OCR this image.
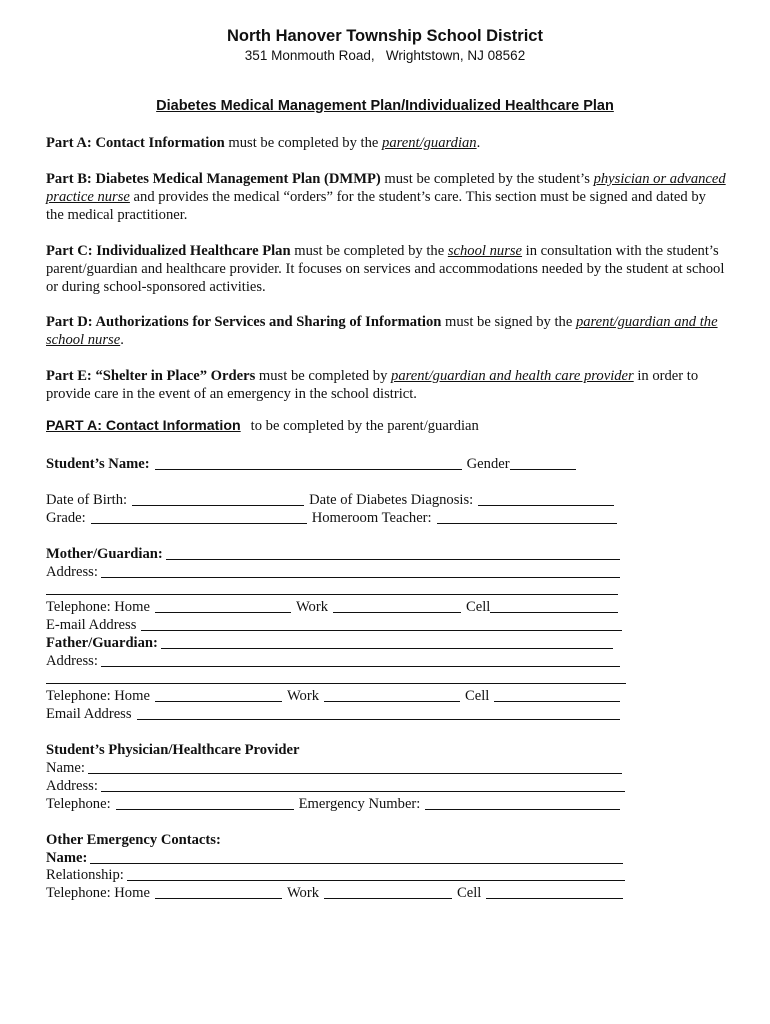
North Hanover Township School District
351 Monmouth Road,   Wrightstown, NJ 08562
Diabetes Medical Management Plan/Individualized Healthcare Plan

Part A: Contact Information must be completed by the parent/guardian.

Part B: Diabetes Medical Management Plan (DMMP) must be completed by the student’s physician or advanced practice nurse and provides the medical “orders” for the student’s care. This section must be signed and dated by the medical practitioner.

Part C: Individualized Healthcare Plan must be completed by the school nurse in consultation with the student’s parent/guardian and healthcare provider. It focuses on services and accommodations needed by the student at school or during school-sponsored activities.

Part D: Authorizations for Services and Sharing of Information must be signed by the parent/guardian and the school nurse.

Part E: “Shelter in Place” Orders must be completed by parent/guardian and health care provider in order to provide care in the event of an emergency in the school district.

PART A: Contact Information to be completed by the parent/guardian
Student’s Name:	Gender
Date of Birth:	Date of Diabetes Diagnosis:
Grade:	Homeroom Teacher:
Mother/Guardian:
Address:
Telephone: Home	Work	Cell
E-mail Address
Father/Guardian:
Address:
Telephone: Home	Work	Cell
Email Address
Student’s Physician/Healthcare Provider
Name:
Address:
Telephone:	Emergency Number:
Other Emergency Contacts:
Name:
Relationship:
Telephone: Home	Work	Cell
